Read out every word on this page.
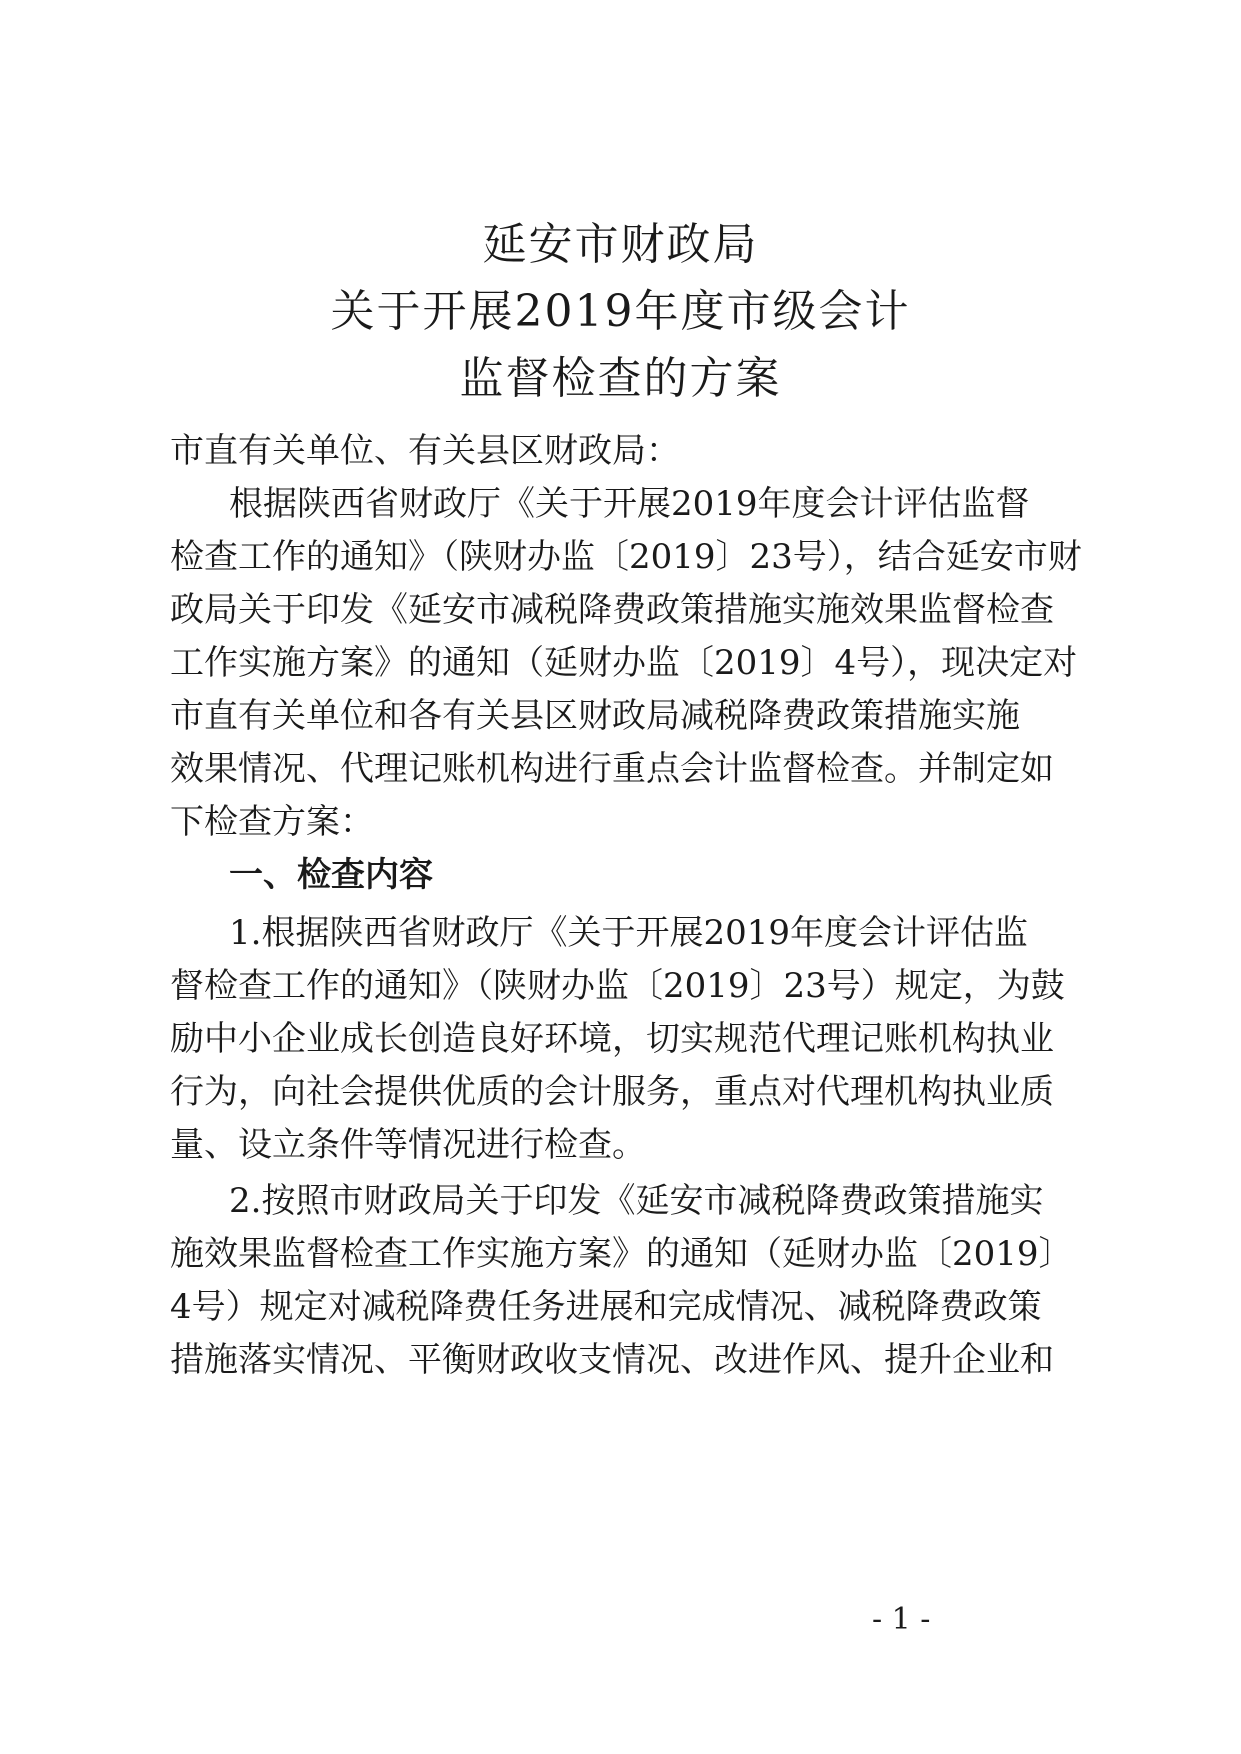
延安市财政局
关于开展2019年度市级会计
监督检查的方案
市直有关单位、有关县区财政局：
根据陕西省财政厅《关于开展2019年度会计评估监督
检查工作的通知》（陕财办监〔2019〕23号），结合延安市财
政局关于印发《延安市减税降费政策措施实施效果监督检查
工作实施方案》的通知（延财办监〔2019〕4号），现决定对
市直有关单位和各有关县区财政局减税降费政策措施实施
效果情况、代理记账机构进行重点会计监督检查。并制定如
下检查方案：
一、检查内容
1.根据陕西省财政厅《关于开展2019年度会计评估监
督检查工作的通知》（陕财办监〔2019〕23号）规定，为鼓
励中小企业成长创造良好环境，切实规范代理记账机构执业
行为，向社会提供优质的会计服务，重点对代理机构执业质
量、设立条件等情况进行检查。
2.按照市财政局关于印发《延安市减税降费政策措施实
施效果监督检查工作实施方案》的通知（延财办监〔2019〕
4号）规定对减税降费任务进展和完成情况、减税降费政策
措施落实情况、平衡财政收支情况、改进作风、提升企业和
- 1 -
